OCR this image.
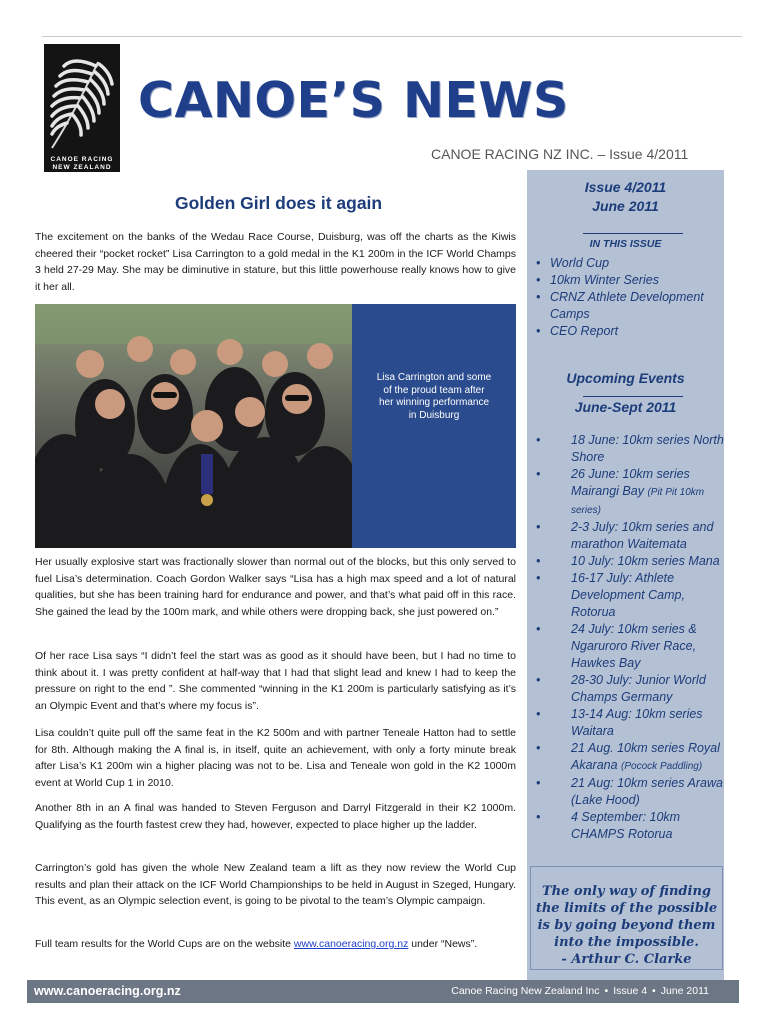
CANOE RACING
NEW ZEALAND
CANOE’S NEWS
CANOE RACING NZ INC. – Issue 4/2011
Issue 4/2011
June 2011
IN THIS ISSUE
Upcoming Events
June-Sept 2011
• World Cup
• 10km Winter Series
• CRNZ Athlete Development Camps
• CEO Report
• 18 June: 10km series North Shore
• 26 June: 10km series Mairangi Bay (Pit Pit 10km series)
• 2-3 July: 10km series and marathon Waitemata
• 10 July: 10km series Mana
• 16-17 July: Athlete Development Camp, Rotorua
• 24 July: 10km series & Ngaruroro River Race, Hawkes Bay
• 28-30 July: Junior World Champs Germany
• 13-14 Aug: 10km series Waitara
• 21 Aug. 10km series Royal Akarana (Pocock Paddling)
• 21 Aug: 10km series Arawa (Lake Hood)
• 4 September: 10km CHAMPS Rotorua
The only way of finding the limits of the possible is by going beyond them into the impossible.
- Arthur C. Clarke
Golden Girl does it again

The excitement on the banks of the Wedau Race Course, Duisburg, was off the charts as the Kiwis cheered their “pocket rocket” Lisa Carrington to a gold medal in the K1 200m in the ICF World Champs 3 held 27-29 May. She may be diminutive in stature, but this little powerhouse really knows how to give it her all.

Lisa Carrington and some of the proud team after her winning performance in Duisburg

Her usually explosive start was fractionally slower than normal out of the blocks, but this only served to fuel Lisa’s determination. Coach Gordon Walker says “Lisa has a high max speed and a lot of natural qualities, but she has been training hard for endurance and power, and that’s what paid off in this race. She gained the lead by the 100m mark, and while others were dropping back, she just powered on.”

Of her race Lisa says “I didn’t feel the start was as good as it should have been, but I had no time to think about it. I was pretty confident at half-way that I had that slight lead and knew I had to keep the pressure on right to the end ”. She commented “winning in the K1 200m is particularly satisfying as it’s an Olympic Event and that’s where my focus is”.

Lisa couldn’t quite pull off the same feat in the K2 500m and with partner Teneale Hatton had to settle for 8th. Although making the A final is, in itself, quite an achievement, with only a forty minute break after Lisa’s K1 200m win a higher placing was not to be. Lisa and Teneale won gold in the K2 1000m event at World Cup 1 in 2010.

Another 8th in an A final was handed to Steven Ferguson and Darryl Fitzgerald in their K2 1000m. Qualifying as the fourth fastest crew they had, however, expected to place higher up the ladder.

Carrington’s gold has given the whole New Zealand team a lift as they now review the World Cup results and plan their attack on the ICF World Championships to be held in August in Szeged, Hungary. This event, as an Olympic selection event, is going to be pivotal to the team’s Olympic campaign.

Full team results for the World Cups are on the website www.canoeracing.org.nz under “News”.

www.canoeracing.org.nz	Canoe Racing New Zealand Inc • Issue 4 • June 2011
